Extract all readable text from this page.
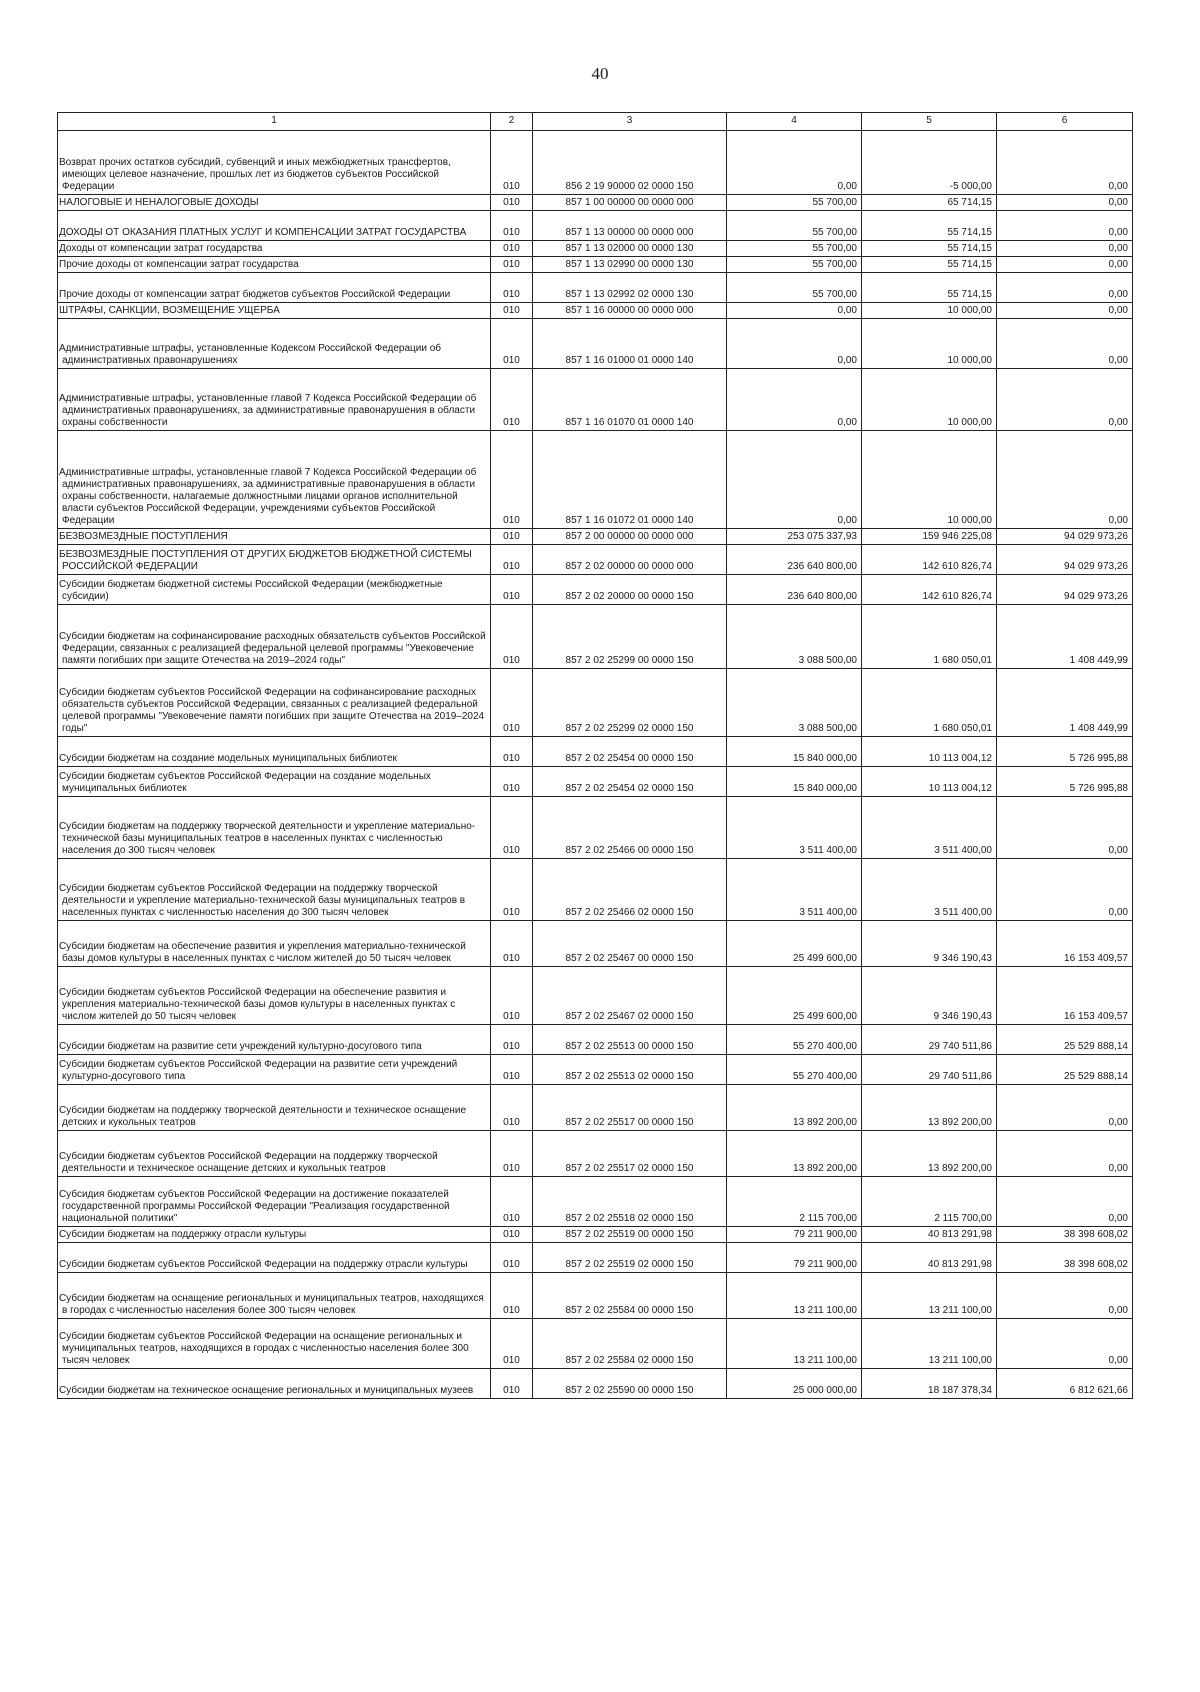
40
1	2	3	4	5	6
Возврат прочих остатков субсидий, субвенций и иных межбюджетных трансфертов, имеющих целевое назначение, прошлых лет из бюджетов субъектов Российской Федерации	010	856 2 19 90000 02 0000 150	0,00	-5 000,00	0,00
НАЛОГОВЫЕ И НЕНАЛОГОВЫЕ ДОХОДЫ	010	857 1 00 00000 00 0000 000	55 700,00	65 714,15	0,00
ДОХОДЫ ОТ ОКАЗАНИЯ ПЛАТНЫХ УСЛУГ И КОМПЕНСАЦИИ ЗАТРАТ ГОСУДАРСТВА	010	857 1 13 00000 00 0000 000	55 700,00	55 714,15	0,00
Доходы от компенсации затрат государства	010	857 1 13 02000 00 0000 130	55 700,00	55 714,15	0,00
Прочие доходы от компенсации затрат государства	010	857 1 13 02990 00 0000 130	55 700,00	55 714,15	0,00
Прочие доходы от компенсации затрат бюджетов субъектов Российской Федерации	010	857 1 13 02992 02 0000 130	55 700,00	55 714,15	0,00
ШТРАФЫ, САНКЦИИ, ВОЗМЕЩЕНИЕ УЩЕРБА	010	857 1 16 00000 00 0000 000	0,00	10 000,00	0,00
Административные штрафы, установленные Кодексом Российской Федерации об административных правонарушениях	010	857 1 16 01000 01 0000 140	0,00	10 000,00	0,00
Административные штрафы, установленные главой 7 Кодекса Российской Федерации об административных правонарушениях, за административные правонарушения в области охраны собственности	010	857 1 16 01070 01 0000 140	0,00	10 000,00	0,00
Административные штрафы, установленные главой 7 Кодекса Российской Федерации об административных правонарушениях, за административные правонарушения в области охраны собственности, налагаемые должностными лицами органов исполнительной власти субъектов Российской Федерации, учреждениями субъектов Российской Федерации	010	857 1 16 01072 01 0000 140	0,00	10 000,00	0,00
БЕЗВОЗМЕЗДНЫЕ ПОСТУПЛЕНИЯ	010	857 2 00 00000 00 0000 000	253 075 337,93	159 946 225,08	94 029 973,26
БЕЗВОЗМЕЗДНЫЕ ПОСТУПЛЕНИЯ ОТ ДРУГИХ БЮДЖЕТОВ БЮДЖЕТНОЙ СИСТЕМЫ РОССИЙСКОЙ ФЕДЕРАЦИИ	010	857 2 02 00000 00 0000 000	236 640 800,00	142 610 826,74	94 029 973,26
Субсидии бюджетам бюджетной системы Российской Федерации (межбюджетные субсидии)	010	857 2 02 20000 00 0000 150	236 640 800,00	142 610 826,74	94 029 973,26
Субсидии бюджетам на софинансирование расходных обязательств субъектов Российской Федерации, связанных с реализацией федеральной целевой программы "Увековечение памяти погибших при защите Отечества на 2019–2024 годы"	010	857 2 02 25299 00 0000 150	3 088 500,00	1 680 050,01	1 408 449,99
Субсидии бюджетам субъектов Российской Федерации на софинансирование расходных обязательств субъектов Российской Федерации, связанных с реализацией федеральной целевой программы "Увековечение памяти погибших при защите Отечества на 2019–2024 годы"	010	857 2 02 25299 02 0000 150	3 088 500,00	1 680 050,01	1 408 449,99
Субсидии бюджетам на создание модельных муниципальных библиотек	010	857 2 02 25454 00 0000 150	15 840 000,00	10 113 004,12	5 726 995,88
Субсидии бюджетам субъектов Российской Федерации на создание модельных муниципальных библиотек	010	857 2 02 25454 02 0000 150	15 840 000,00	10 113 004,12	5 726 995,88
Субсидии бюджетам на поддержку творческой деятельности и укрепление материально-технической базы муниципальных театров в населенных пунктах с численностью населения до 300 тысяч человек	010	857 2 02 25466 00 0000 150	3 511 400,00	3 511 400,00	0,00
Субсидии бюджетам субъектов Российской Федерации на поддержку творческой деятельности и укрепление материально-технической базы муниципальных театров в населенных пунктах с численностью населения до 300 тысяч человек	010	857 2 02 25466 02 0000 150	3 511 400,00	3 511 400,00	0,00
Субсидии бюджетам на обеспечение развития и укрепления материально-технической базы домов культуры в населенных пунктах с числом жителей до 50 тысяч человек	010	857 2 02 25467 00 0000 150	25 499 600,00	9 346 190,43	16 153 409,57
Субсидии бюджетам субъектов Российской Федерации на обеспечение развития и укрепления материально-технической базы домов культуры в населенных пунктах с числом жителей до 50 тысяч человек	010	857 2 02 25467 02 0000 150	25 499 600,00	9 346 190,43	16 153 409,57
Субсидии бюджетам на развитие сети учреждений культурно-досугового типа	010	857 2 02 25513 00 0000 150	55 270 400,00	29 740 511,86	25 529 888,14
Субсидии бюджетам субъектов Российской Федерации на развитие сети учреждений культурно-досугового типа	010	857 2 02 25513 02 0000 150	55 270 400,00	29 740 511,86	25 529 888,14
Субсидии бюджетам на поддержку творческой деятельности и техническое оснащение детских и кукольных театров	010	857 2 02 25517 00 0000 150	13 892 200,00	13 892 200,00	0,00
Субсидии бюджетам субъектов Российской Федерации на поддержку творческой деятельности и техническое оснащение детских и кукольных театров	010	857 2 02 25517 02 0000 150	13 892 200,00	13 892 200,00	0,00
Субсидия бюджетам субъектов Российской Федерации на достижение показателей государственной программы Российской Федерации "Реализация государственной национальной политики"	010	857 2 02 25518 02 0000 150	2 115 700,00	2 115 700,00	0,00
Субсидии бюджетам на поддержку отрасли культуры	010	857 2 02 25519 00 0000 150	79 211 900,00	40 813 291,98	38 398 608,02
Субсидии бюджетам субъектов Российской Федерации на поддержку отрасли культуры	010	857 2 02 25519 02 0000 150	79 211 900,00	40 813 291,98	38 398 608,02
Субсидии бюджетам на оснащение региональных и муниципальных театров, находящихся в городах с численностью населения более 300 тысяч человек	010	857 2 02 25584 00 0000 150	13 211 100,00	13 211 100,00	0,00
Субсидии бюджетам субъектов Российской Федерации на оснащение региональных и муниципальных театров, находящихся в городах с численностью населения более 300 тысяч человек	010	857 2 02 25584 02 0000 150	13 211 100,00	13 211 100,00	0,00
Субсидии бюджетам на техническое оснащение региональных и муниципальных музеев	010	857 2 02 25590 00 0000 150	25 000 000,00	18 187 378,34	6 812 621,66
